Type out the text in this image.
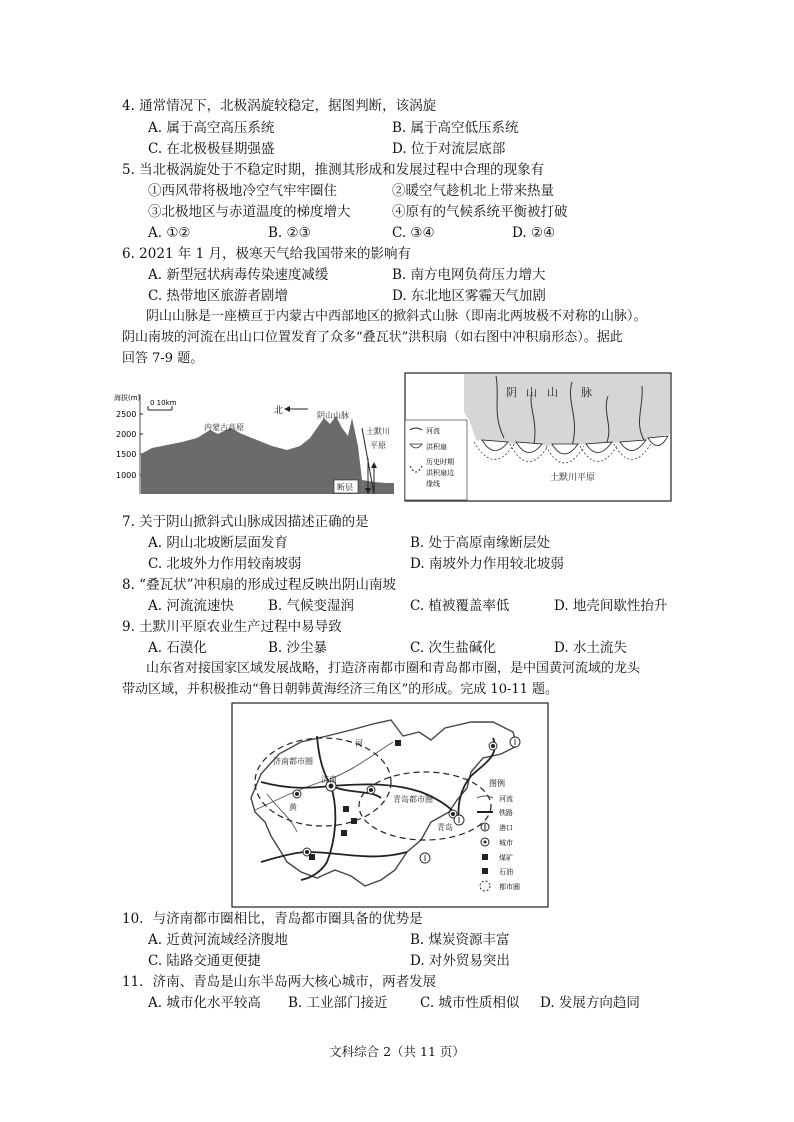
4. 通常情况下，北极涡旋较稳定，据图判断，该涡旋
A. 属于高空高压系统	B. 属于高空低压系统
C. 在北极极昼期强盛	D. 位于对流层底部
5. 当北极涡旋处于不稳定时期，推测其形成和发展过程中合理的现象有
①西风带将极地冷空气牢牢圈住	②暖空气趁机北上带来热量
③北极地区与赤道温度的梯度增大	④原有的气候系统平衡被打破
A. ①②	B. ②③	C. ③④	D. ②④
6. 2021 年 1 月，极寒天气给我国带来的影响有
A. 新型冠状病毒传染速度减缓	B. 南方电网负荷压力增大
C. 热带地区旅游者剧增	D. 东北地区雾霾天气加剧
阴山山脉是一座横亘于内蒙古中西部地区的掀斜式山脉（即南北两坡极不对称的山脉）。
阴山南坡的河流在出山口位置发育了众多“叠瓦状”洪积扇（如右图中冲积扇形态）。据此
回答 7-9 题。
海拔(m)
2500
2000
1500
1000
0 10km
北
内蒙古高原
阴山山脉
土默川
平原
断层
阴 山 山 脉
河流
洪积扇
历史时期
洪积扇边
缘线
土默川平原
7. 关于阴山掀斜式山脉成因描述正确的是
A. 阴山北坡断层面发育	B. 处于高原南缘断层处
C. 北坡外力作用较南坡弱	D. 南坡外力作用较北坡弱
8. “叠瓦状”冲积扇的形成过程反映出阴山南坡
A. 河流流速快	B. 气候变湿润	C. 植被覆盖率低	D. 地壳间歇性抬升
9. 土默川平原农业生产过程中易导致
A. 石漠化	B. 沙尘暴	C. 次生盐碱化	D. 水土流失
山东省对接国家区域发展战略，打造济南都市圈和青岛都市圈，是中国黄河流域的龙头
带动区域，并积极推动“鲁日朝韩黄海经济三角区”的形成。完成 10-11 题。
济南都市圈
济南
青岛都市圈
青岛
河
黄
图例
河流
铁路
港口
城市
煤矿
石油
都市圈
10．与济南都市圈相比，青岛都市圈具备的优势是
A. 近黄河流域经济腹地	B. 煤炭资源丰富
C. 陆路交通更便捷	D. 对外贸易突出
11．济南、青岛是山东半岛两大核心城市，两者发展
A. 城市化水平较高 B. 工业部门接近 C. 城市性质相似 D. 发展方向趋同
文科综合 2（共 11 页）
